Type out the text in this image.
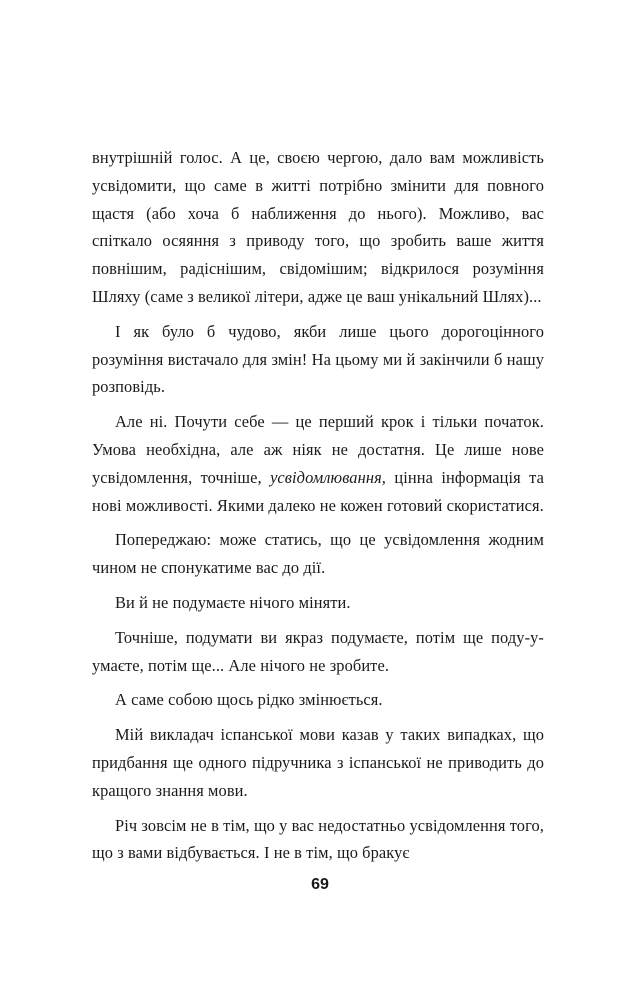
внутрішній голос. А це, своєю чергою, дало вам можливість усвідомити, що саме в житті потрібно змінити для повного щастя (або хоча б наближення до нього). Можливо, вас спіткало осяяння з приводу того, що зробить ваше життя повнішим, радіснішим, свідомішим; відкрилося розуміння Шляху (саме з великої літери, адже це ваш унікальний Шлях)...

І як було б чудово, якби лише цього дорогоцінного розуміння вистачало для змін! На цьому ми й закінчили б нашу розповідь.

Але ні. Почути себе — це перший крок і тільки початок. Умова необхідна, але аж ніяк не достатня. Це лише нове усвідомлення, точніше, усвідомлювання, цінна інформація та нові можливості. Якими далеко не кожен готовий скористатися.

Попереджаю: може статись, що це усвідомлення жодним чином не спонукатиме вас до дії.

Ви й не подумаєте нічого міняти.

Точніше, подумати ви якраз подумаєте, потім ще поду-у-умаєте, потім ще... Але нічого не зробите.

А саме собою щось рідко змінюється.

Мій викладач іспанської мови казав у таких випадках, що придбання ще одного підручника з іспанської не приводить до кращого знання мови.

Річ зовсім не в тім, що у вас недостатньо усвідомлення того, що з вами відбувається. І не в тім, що бракує

69
